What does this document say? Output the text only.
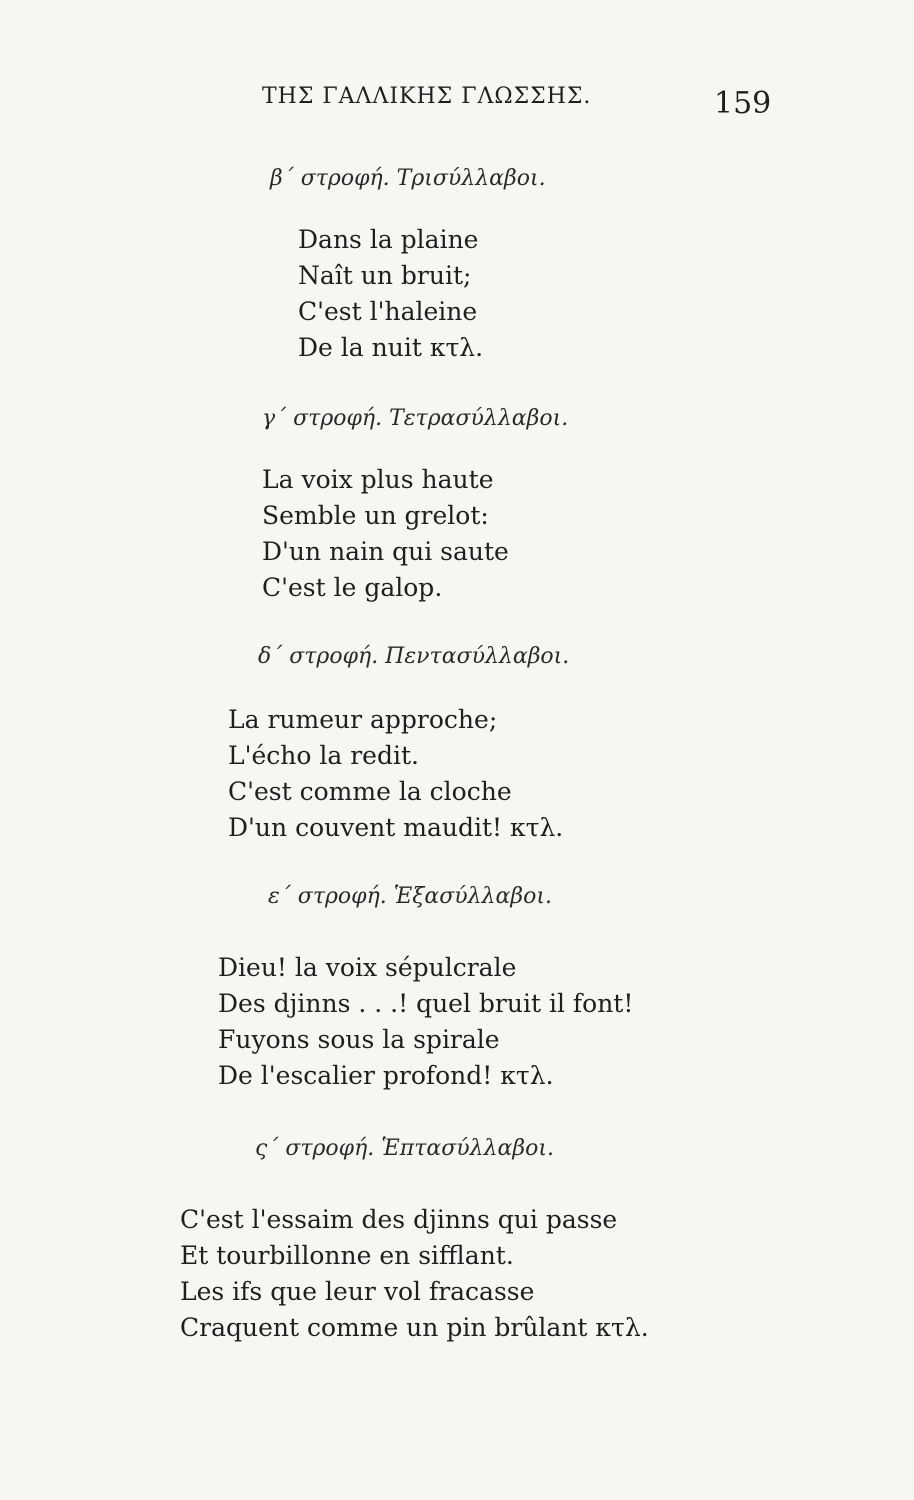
ΤΗΣ ΓΑΛΛΙΚΗΣ ΓΛΩΣΣΗΣ.	159
β΄ στροφή. Τρισύλλαβοι.
Dans la plaine
Naît un bruit;
C'est l'haleine
De la nuit κτλ.
γ΄ στροφή. Τετρασύλλαβοι.
La voix plus haute
Semble un grelot:
D'un nain qui saute
C'est le galop.
δ΄ στροφή. Πεντασύλλαβοι.
La rumeur approche;
L'écho la redit.
C'est comme la cloche
D'un couvent maudit! κτλ.
ε΄ στροφή. Ἑξασύλλαβοι.
Dieu! la voix sépulcrale
Des djinns . . .! quel bruit il font!
Fuyons sous la spirale
De l'escalier profond! κτλ.
ς΄ στροφή. Ἑπτασύλλαβοι.
C'est l'essaim des djinns qui passe
Et tourbillonne en sifflant.
Les ifs que leur vol fracasse
Craquent comme un pin brûlant κτλ.
